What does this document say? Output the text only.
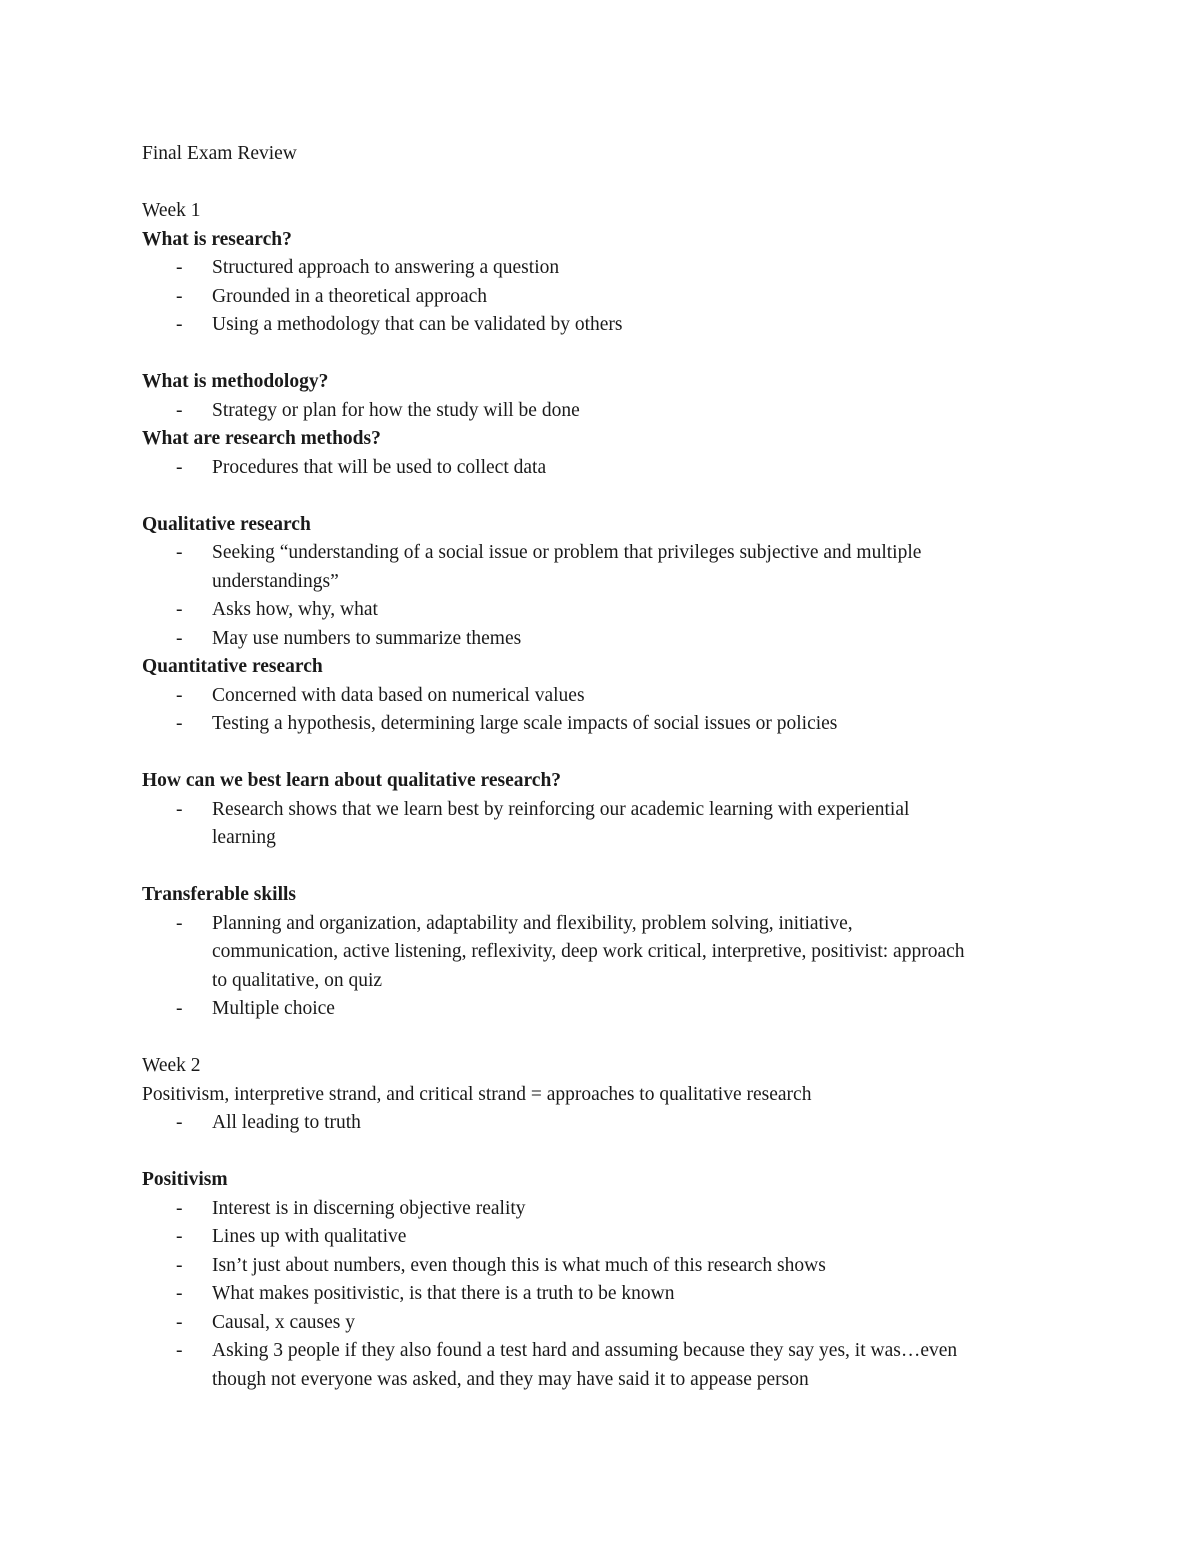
Final Exam Review
Week 1
What is research?
- Structured approach to answering a question
- Grounded in a theoretical approach
- Using a methodology that can be validated by others
What is methodology?
- Strategy or plan for how the study will be done
What are research methods?
- Procedures that will be used to collect data
Qualitative research
- Seeking “understanding of a social issue or problem that privileges subjective and multiple
understandings”
- Asks how, why, what
- May use numbers to summarize themes
Quantitative research
- Concerned with data based on numerical values
- Testing a hypothesis, determining large scale impacts of social issues or policies
How can we best learn about qualitative research?
- Research shows that we learn best by reinforcing our academic learning with experiential
learning
Transferable skills
- Planning and organization, adaptability and flexibility, problem solving, initiative,
communication, active listening, reflexivity, deep work critical, interpretive, positivist: approach
to qualitative, on quiz
- Multiple choice
Week 2
Positivism, interpretive strand, and critical strand = approaches to qualitative research
- All leading to truth
Positivism
- Interest is in discerning objective reality
- Lines up with qualitative
- Isn’t just about numbers, even though this is what much of this research shows
- What makes positivistic, is that there is a truth to be known
- Causal, x causes y
- Asking 3 people if they also found a test hard and assuming because they say yes, it was…even
though not everyone was asked, and they may have said it to appease person
